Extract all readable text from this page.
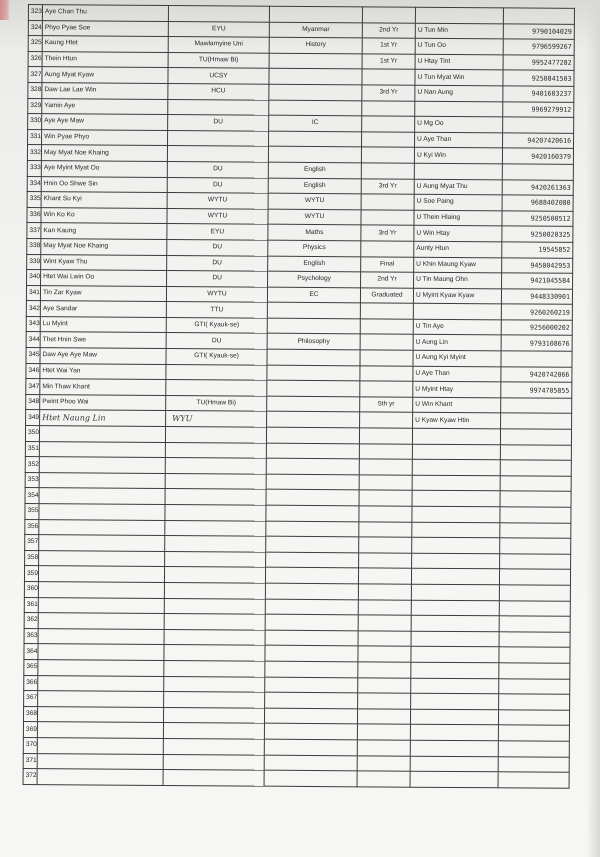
323	Aye Chan Thu					
324	Phyo Pyae Soe	EYU	Myanmar	2nd Yr	U Tun Min	9790104029
325	Kaung Htet	Mawlamyine Uni	History	1st Yr	U Tun Oo	9796599267
326	Thein Htun	TU(Hmaw Bi)		1st Yr	U Htay Tint	9952477282
327	Aung Myat Kyaw	UCSY			U Tun Myat Win	9250841503
328	Daw Lae Lae Win	HCU		3rd Yr	U Nan Aung	9401603237
329	Yamin Aye					9969279912
330	Aye Aye Maw	DU	IC		U Mg Oo	
331	Win Pyae Phyo				U Aye Than	94207420616
332	May Myat Noe Khaing				U Kyi Win	9420160379
333	Aye Myint Myat Oo	DU	English			
334	Hnin Oo Shwe Sin	DU	English	3rd Yr	U Aung Myat Thu	9420261363
335	Khant Su Kyi	WYTU	WYTU		U Soe Paing	9688402080
336	Win Ko Ko	WYTU	WYTU		U Thein Hlaing	9250500512
337	Kan Kaung	EYU	Maths	3rd Yr	U Win Htay	9250020325
338	May Myat Noe Khaing	DU	Physics		Aunty Htun	19545852
339	Wint Kyaw Thu	DU	English	Final	U Khin Maung Kyaw	9450042953
340	Htet Wai Lwin Oo	DU	Psychology	2nd Yr	U Tin Maung Ohn	9421045584
341	Tin Zar Kyaw	WYTU	EC	Graduated	U Myint Kyaw Kyaw	9448330901
342	Aye Sandar	TTU				9260260219
343	Lu Myint	GTI( Kyauk-se)			U Tin Aye	9256000202
344	Thet Hnin Swe	DU	Philosophy		U Aung Lin	9793108676
345	Daw Aye Aye Maw	GTI( Kyauk-se)			U Aung Kyi Myint	
346	Htet Wai Yan				U Aye Than	9420742066
347	Min Thaw Khant				U Myint Htay	9974705855
348	Pwint Phoo Wai	TU(Hmaw Bi)		5th yr	U Win Khant	
349	Htet Naung Lin	WYU			U Kyaw Kyaw Htin	
350						
351						
352						
353						
354						
355						
356						
357						
358						
359						
360						
361						
362						
363						
364						
365						
366						
367						
368						
369						
370						
371						
372						
